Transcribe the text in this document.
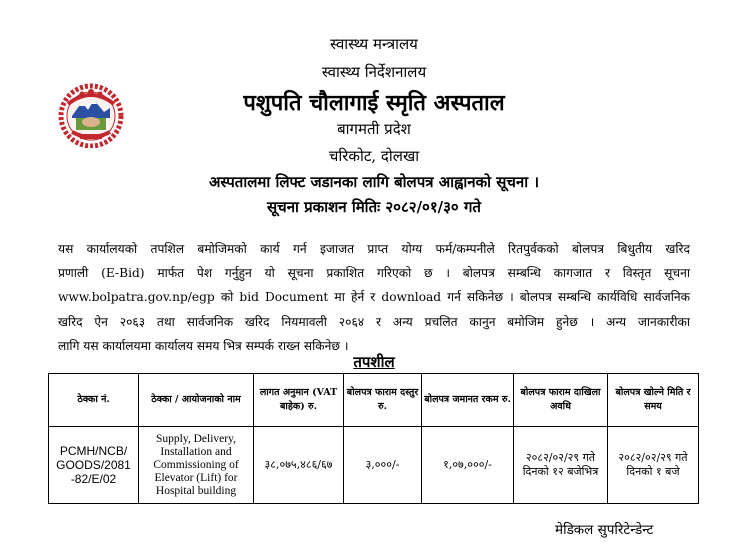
स्वास्थ्य मन्त्रालय
स्वास्थ्य निर्देशनालय
पशुपति चौलागाई स्मृति अस्पताल
बागमती प्रदेश
चरिकोट, दोलखा
अस्पतालमा लिफ्ट जडानका लागि बोलपत्र आह्वानको सूचना ।
सूचना प्रकाशन मितिः २०८२/०१/३० गते
यस कार्यालयको तपशिल बमोजिमको कार्य गर्न इजाजत प्राप्त योग्य फर्म/कम्पनीले रितपुर्वकको बोलपत्र बिधुतीय खरिद
प्रणाली (E-Bid) मार्फत पेश गर्नुहुन यो सूचना प्रकाशित गरिएको छ । बोलपत्र सम्बन्धि कागजात र विस्तृत सूचना
www.bolpatra.gov.np/egp को bid Document मा हेर्न र download गर्न सकिनेछ । बोलपत्र सम्बन्धि कार्यविधि सार्वजनिक
खरिद ऐन २०६३ तथा सार्वजनिक खरिद नियमावली २०६४ र अन्य प्रचलित कानुन बमोजिम हुनेछ । अन्य जानकारीका
लागि यस कार्यालयमा कार्यालय समय भित्र सम्पर्क राख्न सकिनेछ ।
तपशील
ठेक्का नं.	ठेक्का / आयोजनाको नाम	लागत अनुमान (VAT बाहेक) रु.	बोलपत्र फाराम दस्तुर रु.	बोलपत्र जमानत रकम रु.	बोलपत्र फाराम दाखिला अवधि	बोलपत्र खोल्ने मिति र समय
PCMH/NCB/ GOODS/2081 -82/E/02	Supply, Delivery, Installation and Commissioning of Elevator (Lift) for Hospital building	३८,०७५,४८६/६७	३,०००/-	१,०७,०००/-	२०८२/०२/२९ गते दिनको १२ बजेभित्र	२०८२/०२/२९ गते दिनको १ बजे
मेडिकल सुपरिटेन्डेन्ट
